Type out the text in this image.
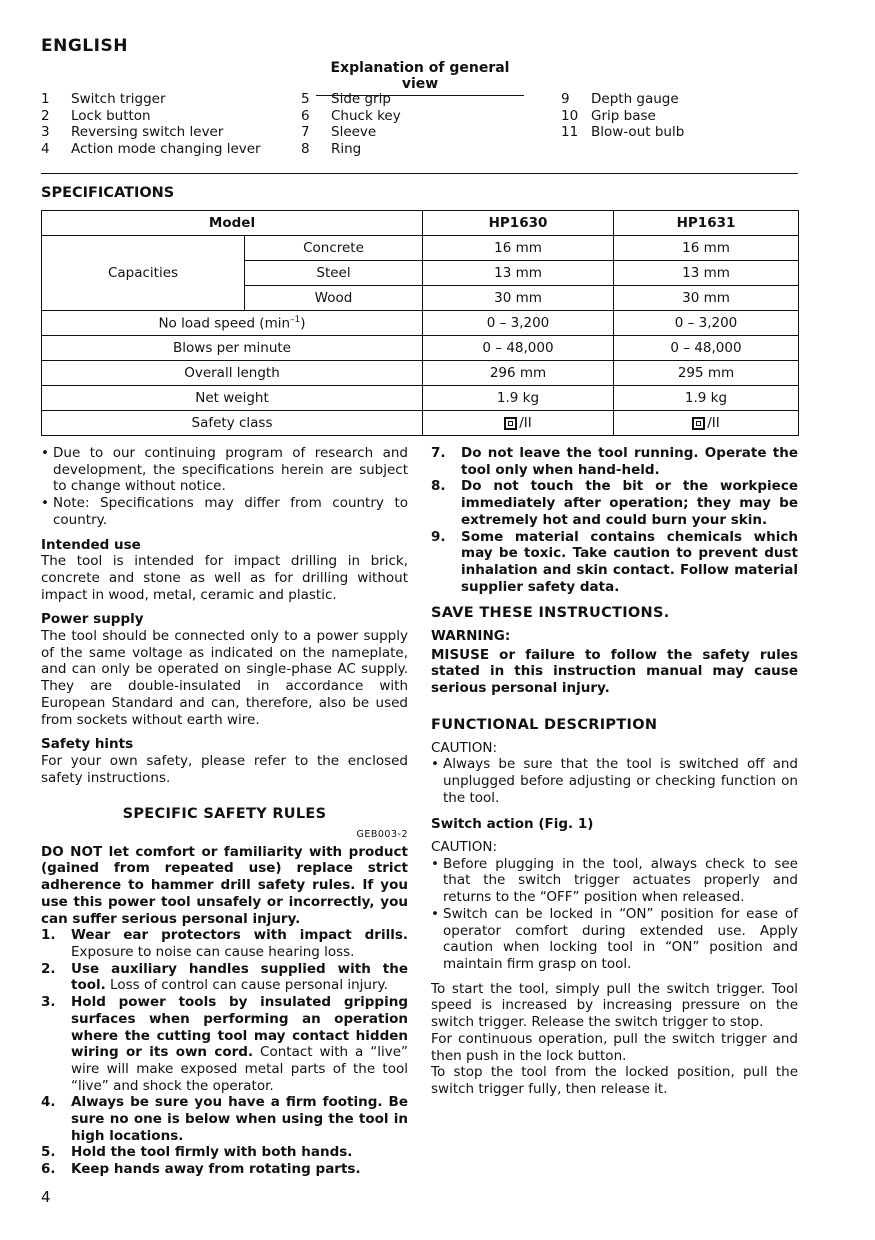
ENGLISH
Explanation of general view
1	Switch trigger
2	Lock button
3	Reversing switch lever
4	Action mode changing lever
5	Side grip
6	Chuck key
7	Sleeve
8	Ring
9	Depth gauge
10 Grip base
11 Blow-out bulb
SPECIFICATIONS
Model		HP1630	HP1631
Capacities	Concrete	16 mm	16 mm
	Steel	13 mm	13 mm
	Wood	30 mm	30 mm
No load speed $(\min^{-1})$		0 – 3,200	0 – 3,200
Blows per minute		0 – 48,000	0 – 48,000
Overall length		296 mm	295 mm
Net weight		1.9 kg	1.9 kg
Safety class		/II	/II
• Due to our continuing program of research and development, the specifications herein are subject to change without notice.
• Note: Specifications may differ from country to country.

Intended use

The tool is intended for impact drilling in brick, concrete and stone as well as for drilling without impact in wood, metal, ceramic and plastic.

Power supply

The tool should be connected only to a power supply of the same voltage as indicated on the nameplate, and can only be operated on single-phase AC supply. They are double-insulated in accordance with European Standard and can, therefore, also be used from sockets without earth wire.

Safety hints

For your own safety, please refer to the enclosed safety instructions.

SPECIFIC SAFETY RULES
GEB003-2

DO NOT let comfort or familiarity with product (gained from repeated use) replace strict adherence to hammer drill safety rules. If you use this power tool unsafely or incorrectly, you can suffer serious personal injury.

1.	Wear ear protectors with impact drills. Exposure to noise can cause hearing loss.
2.	Use auxiliary handles supplied with the tool. Loss of control can cause personal injury.
3.	Hold power tools by insulated gripping surfaces when performing an operation where the cutting tool may contact hidden wiring or its own cord. Contact with a “live” wire will make exposed metal parts of the tool “live” and shock the operator.
4.	Always be sure you have a firm footing. Be sure no one is below when using the tool in high locations.
5.	Hold the tool firmly with both hands.
6.	Keep hands away from rotating parts.
7.	Do not leave the tool running. Operate the tool only when hand-held.
8.	Do not touch the bit or the workpiece immediately after operation; they may be extremely hot and could burn your skin.
9.	Some material contains chemicals which may be toxic. Take caution to prevent dust inhalation and skin contact. Follow material supplier safety data.

SAVE THESE INSTRUCTIONS.

WARNING:

MISUSE or failure to follow the safety rules stated in this instruction manual may cause serious personal injury.

FUNCTIONAL DESCRIPTION

CAUTION:

• Always be sure that the tool is switched off and unplugged before adjusting or checking function on the tool.

Switch action (Fig. 1)

CAUTION:

• Before plugging in the tool, always check to see that the switch trigger actuates properly and returns to the “OFF” position when released.
• Switch can be locked in “ON” position for ease of operator comfort during extended use. Apply caution when locking tool in “ON” position and maintain firm grasp on tool.

To start the tool, simply pull the switch trigger. Tool speed is increased by increasing pressure on the switch trigger. Release the switch trigger to stop.

For continuous operation, pull the switch trigger and then push in the lock button.

To stop the tool from the locked position, pull the switch trigger fully, then release it.

4
